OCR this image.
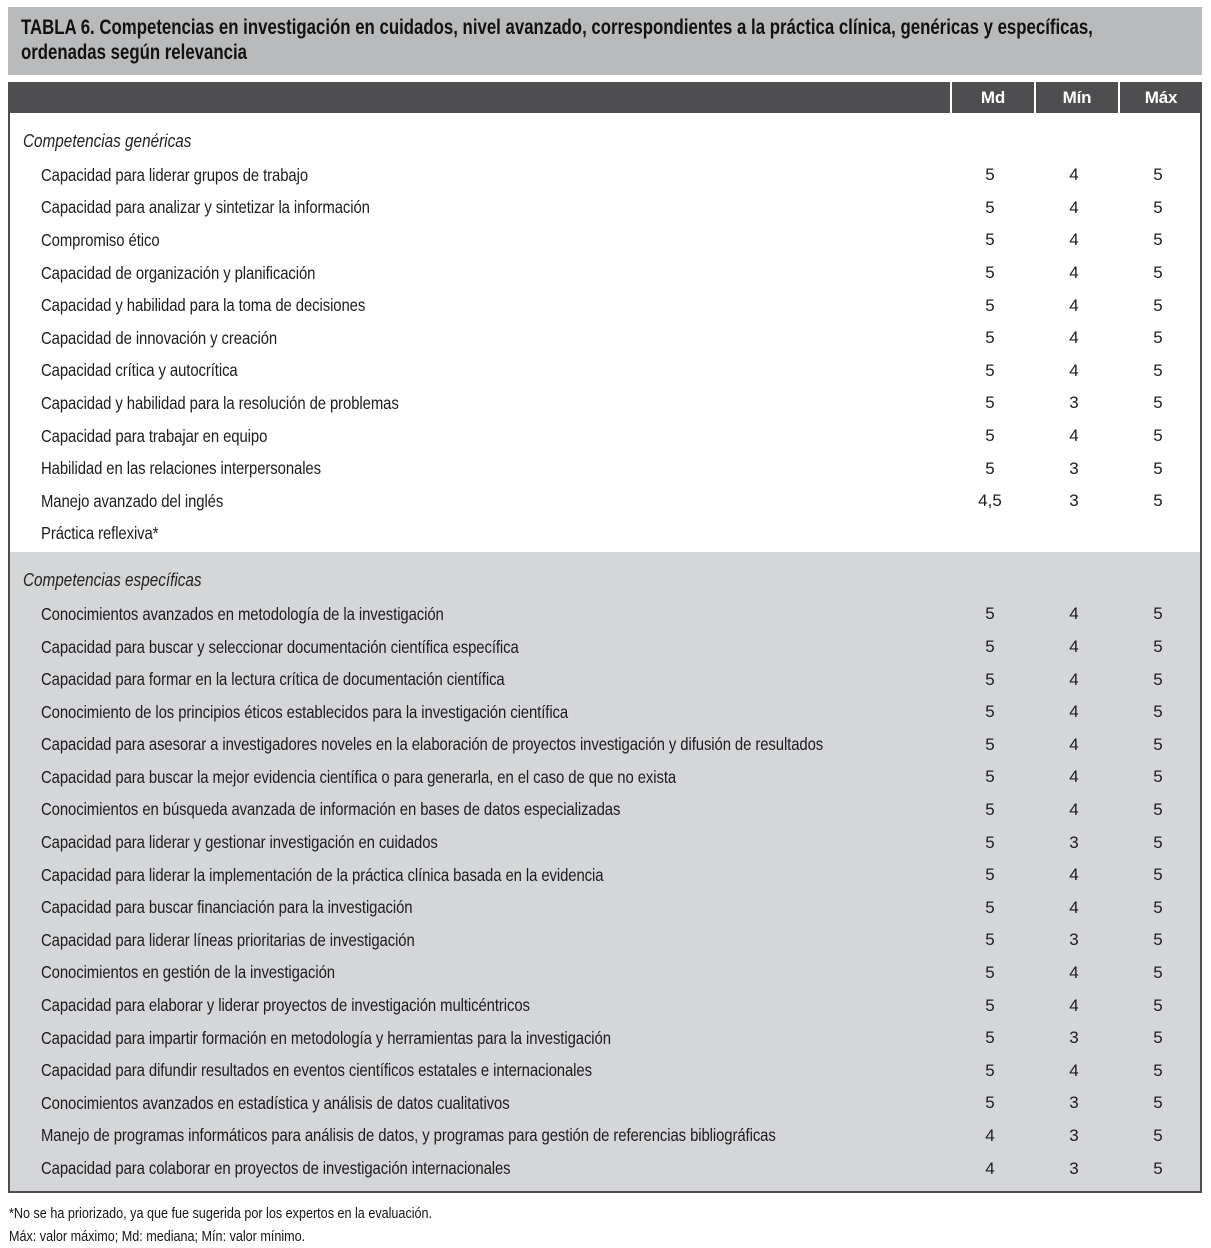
TABLA 6. Competencias en investigación en cuidados, nivel avanzado, correspondientes a la práctica clínica, genéricas y específicas,
ordenadas según relevancia
Md	Mín	Máx
Competencias genéricas
Capacidad para liderar grupos de trabajo	5	4	5
Capacidad para analizar y sintetizar la información	5	4	5
Compromiso ético	5	4	5
Capacidad de organización y planificación	5	4	5
Capacidad y habilidad para la toma de decisiones	5	4	5
Capacidad de innovación y creación	5	4	5
Capacidad crítica y autocrítica	5	4	5
Capacidad y habilidad para la resolución de problemas	5	3	5
Capacidad para trabajar en equipo	5	4	5
Habilidad en las relaciones interpersonales	5	3	5
Manejo avanzado del inglés	4,5	3	5
Práctica reflexiva*
Competencias específicas
Conocimientos avanzados en metodología de la investigación	5	4	5
Capacidad para buscar y seleccionar documentación científica específica	5	4	5
Capacidad para formar en la lectura crítica de documentación científica	5	4	5
Conocimiento de los principios éticos establecidos para la investigación científica	5	4	5
Capacidad para asesorar a investigadores noveles en la elaboración de proyectos investigación y difusión de resultados	5	4	5
Capacidad para buscar la mejor evidencia científica o para generarla, en el caso de que no exista	5	4	5
Conocimientos en búsqueda avanzada de información en bases de datos especializadas	5	4	5
Capacidad para liderar y gestionar investigación en cuidados	5	3	5
Capacidad para liderar la implementación de la práctica clínica basada en la evidencia	5	4	5
Capacidad para buscar financiación para la investigación	5	4	5
Capacidad para liderar líneas prioritarias de investigación	5	3	5
Conocimientos en gestión de la investigación	5	4	5
Capacidad para elaborar y liderar proyectos de investigación multicéntricos	5	4	5
Capacidad para impartir formación en metodología y herramientas para la investigación	5	3	5
Capacidad para difundir resultados en eventos científicos estatales e internacionales	5	4	5
Conocimientos avanzados en estadística y análisis de datos cualitativos	5	3	5
Manejo de programas informáticos para análisis de datos, y programas para gestión de referencias bibliográficas	4	3	5
Capacidad para colaborar en proyectos de investigación internacionales	4	3	5
*No se ha priorizado, ya que fue sugerida por los expertos en la evaluación.
Máx: valor máximo; Md: mediana; Mín: valor mínimo.
